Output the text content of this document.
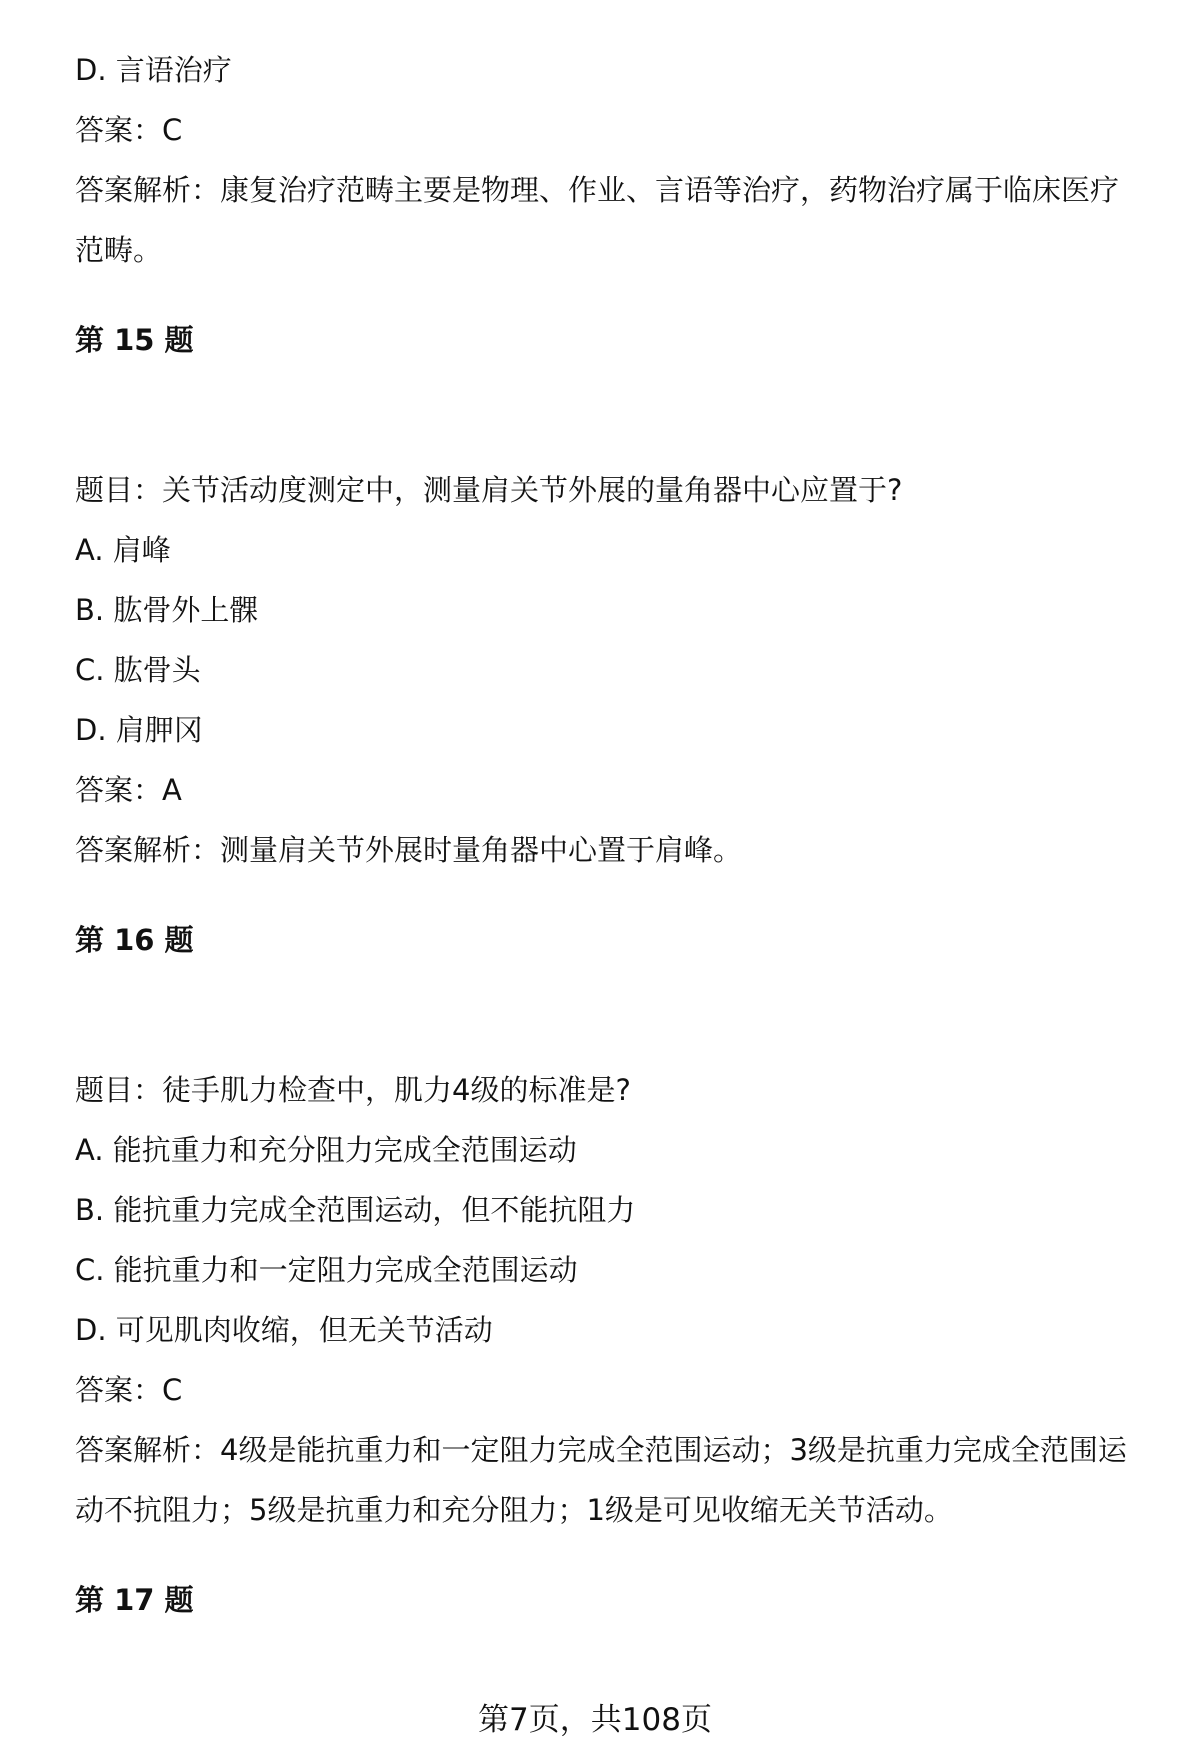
D. 言语治疗
答案：C
答案解析：康复治疗范畴主要是物理、作业、言语等治疗，药物治疗属于临床医疗
范畴。
第 15 题
题目：关节活动度测定中，测量肩关节外展的量角器中心应置于?
A. 肩峰
B. 肱骨外上髁
C. 肱骨头
D. 肩胛冈
答案：A
答案解析：测量肩关节外展时量角器中心置于肩峰。
第 16 题
题目：徒手肌力检查中，肌力4级的标准是?
A. 能抗重力和充分阻力完成全范围运动
B. 能抗重力完成全范围运动，但不能抗阻力
C. 能抗重力和一定阻力完成全范围运动
D. 可见肌肉收缩，但无关节活动
答案：C
答案解析：4级是能抗重力和一定阻力完成全范围运动；3级是抗重力完成全范围运
动不抗阻力；5级是抗重力和充分阻力；1级是可见收缩无关节活动。
第 17 题
第7页，共108页
